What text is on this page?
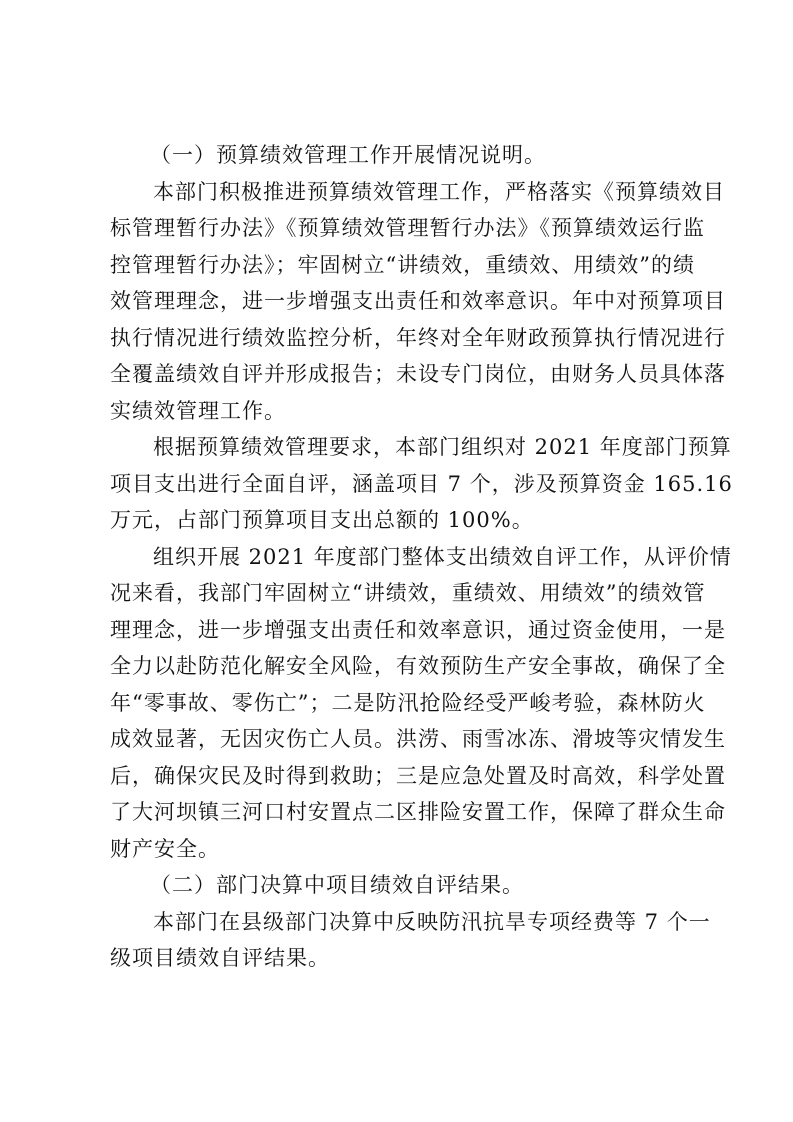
（一）预算绩效管理工作开展情况说明。
本部门积极推进预算绩效管理工作，严格落实《预算绩效目
标管理暂行办法》《预算绩效管理暂行办法》《预算绩效运行监
控管理暂行办法》；牢固树立“讲绩效，重绩效、用绩效”的绩
效管理理念，进一步增强支出责任和效率意识。年中对预算项目
执行情况进行绩效监控分析，年终对全年财政预算执行情况进行
全覆盖绩效自评并形成报告；未设专门岗位，由财务人员具体落
实绩效管理工作。
根据预算绩效管理要求，本部门组织对 2021 年度部门预算
项目支出进行全面自评，涵盖项目 7 个，涉及预算资金 165.16
万元，占部门预算项目支出总额的 100%。
组织开展 2021 年度部门整体支出绩效自评工作，从评价情
况来看，我部门牢固树立“讲绩效，重绩效、用绩效”的绩效管
理理念，进一步增强支出责任和效率意识，通过资金使用，一是
全力以赴防范化解安全风险，有效预防生产安全事故，确保了全
年“零事故、零伤亡”；二是防汛抢险经受严峻考验，森林防火
成效显著，无因灾伤亡人员。洪涝、雨雪冰冻、滑坡等灾情发生
后，确保灾民及时得到救助；三是应急处置及时高效，科学处置
了大河坝镇三河口村安置点二区排险安置工作，保障了群众生命
财产安全。
（二）部门决算中项目绩效自评结果。
本部门在县级部门决算中反映防汛抗旱专项经费等 7 个一
级项目绩效自评结果。
